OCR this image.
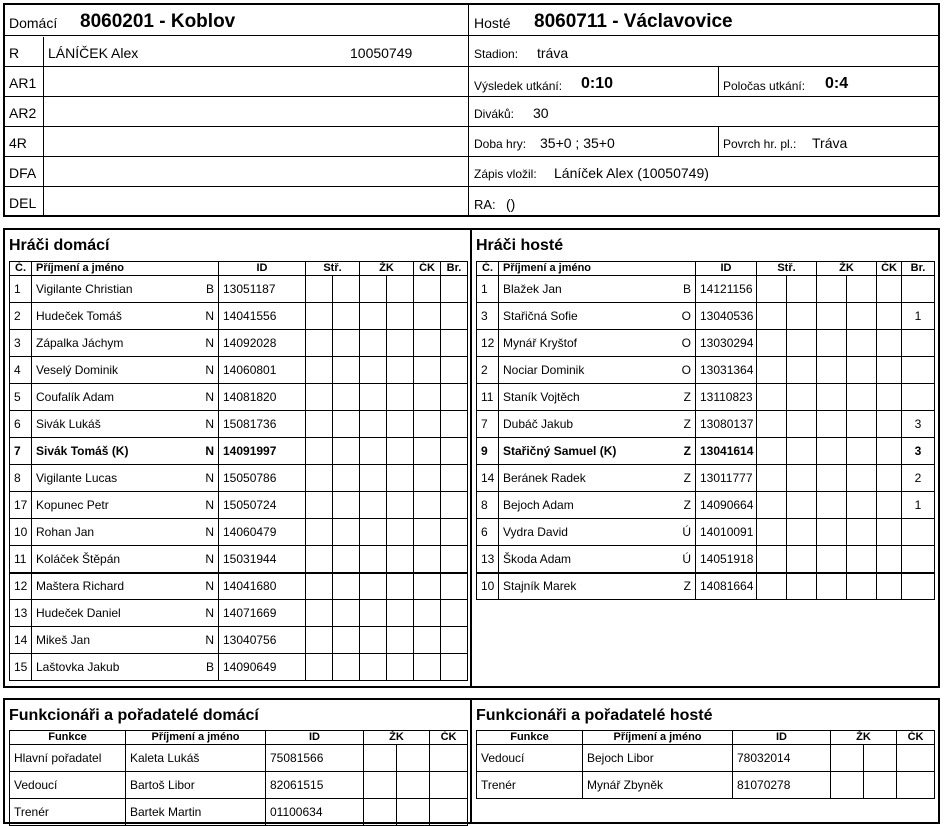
Domácí 8060201 - Koblov	Hosté 8060711 - Václavovice
R LÁNÍČEK Alex	10050749
AR1
AR2
4R
DFA
DEL
Stadion: tráva
Výsledek utkání: 0:10	Poločas utkání: 0:4
Diváků: 30
Doba hry: 35+0 ; 35+0	Povrch hr. pl.: Tráva
Zápis vložil: Láníček Alex (10050749)
RA: ()
Hráči domácí	Hráči hosté
Č.	Příjmení a jméno	ID	Stř.		ŽK		ČK	Br.
1	Vigilante Christian B	13051187						
2	Hudeček Tomáš N	14041556						
3	Zápalka Jáchym N	14092028						
4	Veselý Dominik N	14060801						
5	Coufalík Adam N	14081820						
6	Sivák Lukáš N	15081736						
7	Sivák Tomáš (K) N	14091997						
8	Vigilante Lucas N	15050786						
17	Kopunec Petr N	15050724						
10	Rohan Jan N	14060479						
11	Koláček Štěpán N	15031944						
12	Maštera Richard N	14041680						
13	Hudeček Daniel N	14071669						
14	Mikeš Jan N	13040756						
15	Laštovka Jakub B	14090649						
Č.	Příjmení a jméno	ID	Stř.		ŽK		ČK	Br.
1	Blažek Jan B	14121156						
3	Stařičná Sofie O	13040536						1
12	Mynář Kryštof O	13030294						
2	Nociar Dominik O	13031364						
11	Staník Vojtěch Z	13110823						
7	Dubáč Jakub Z	13080137						3
9	Stařičný Samuel (K) Z	13041614						3
14	Beránek Radek Z	13011777						2
8	Bejoch Adam Z	14090664						1
6	Vydra David Ú	14010091						
13	Škoda Adam Ú	14051918						
10	Stajník Marek Z	14081664						
Funkcionáři a pořadatelé domácí	Funkcionáři a pořadatelé hosté
Funkce	Příjmení a jméno	ID	ŽK		ČK
Hlavní pořadatel	Kaleta Lukáš	75081566			
Vedoucí	Bartoš Libor	82061515			
Trenér	Bartek Martin	01100634			
Funkce	Příjmení a jméno	ID	ŽK		ČK
Vedoucí	Bejoch Libor	78032014			
Trenér	Mynář Zbyněk	81070278			
